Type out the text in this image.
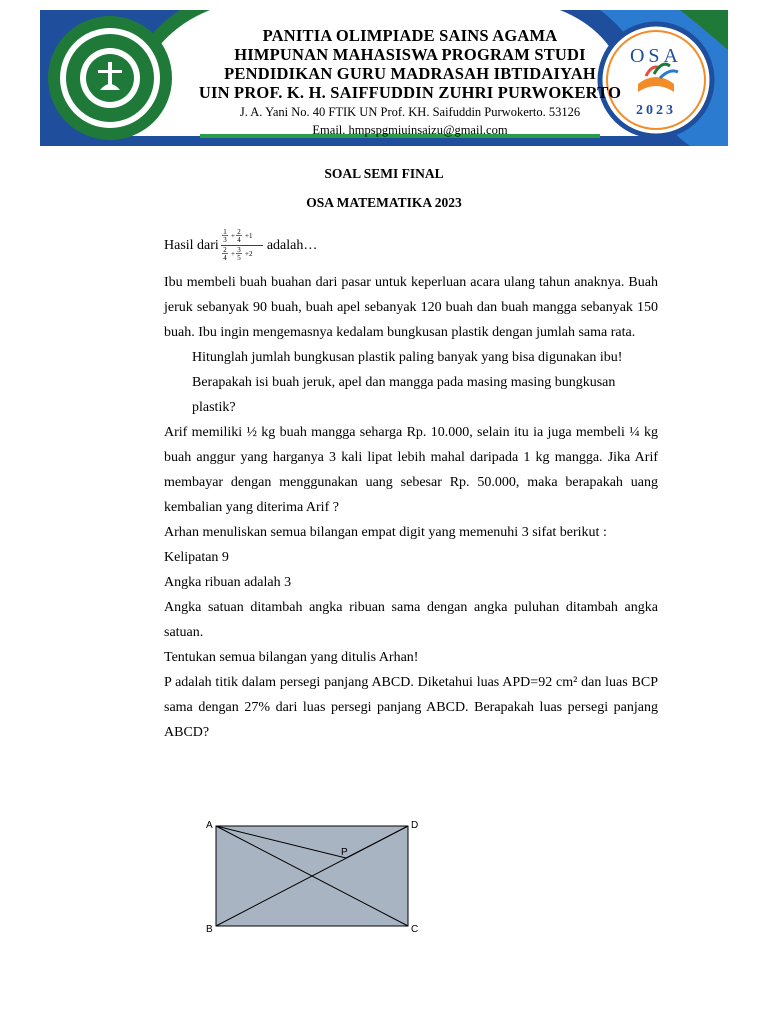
OSA
2023
PANITIA OLIMPIADE SAINS AGAMA
HIMPUNAN MAHASISWA PROGRAM STUDI
PENDIDIKAN GURU MADRASAH IBTIDAIYAH
UIN PROF. K. H. SAIFFUDDIN ZUHRI PURWOKERTO
J. A. Yani No. 40 FTIK UN Prof. KH. Saifuddin Purwokerto. 53126
Email. hmpspgmiuinsaizu@gmail.com
SOAL SEMI FINAL
OSA MATEMATIKA 2023

Hasil dari
1
3 + 2
4 +1
2
4 + 3
5 +2
adalah…

Ibu membeli buah buahan dari pasar untuk keperluan acara ulang tahun anaknya. Buah jeruk sebanyak 90 buah, buah apel sebanyak 120 buah dan buah mangga sebanyak 150 buah. Ibu ingin mengemasnya kedalam bungkusan plastik dengan jumlah sama rata.

Hitunglah jumlah bungkusan plastik paling banyak yang bisa digunakan ibu!

Berapakah isi buah jeruk, apel dan mangga pada masing masing bungkusan plastik?

Arif memiliki ½ kg buah mangga seharga Rp. 10.000, selain itu ia juga membeli ¼ kg buah anggur yang harganya 3 kali lipat lebih mahal daripada 1 kg mangga. Jika Arif membayar dengan menggunakan uang sebesar Rp. 50.000, maka berapakah uang kembalian yang diterima Arif ?

Arhan menuliskan semua bilangan empat digit yang memenuhi 3 sifat berikut :

Kelipatan 9

Angka ribuan adalah 3

Angka satuan ditambah angka ribuan sama dengan angka puluhan ditambah angka satuan.

Tentukan semua bilangan yang ditulis Arhan!

P adalah titik dalam persegi panjang ABCD. Diketahui luas APD=92 cm² dan luas BCP sama dengan 27% dari luas persegi panjang ABCD. Berapakah luas persegi panjang ABCD?

A	D
B	C
P
